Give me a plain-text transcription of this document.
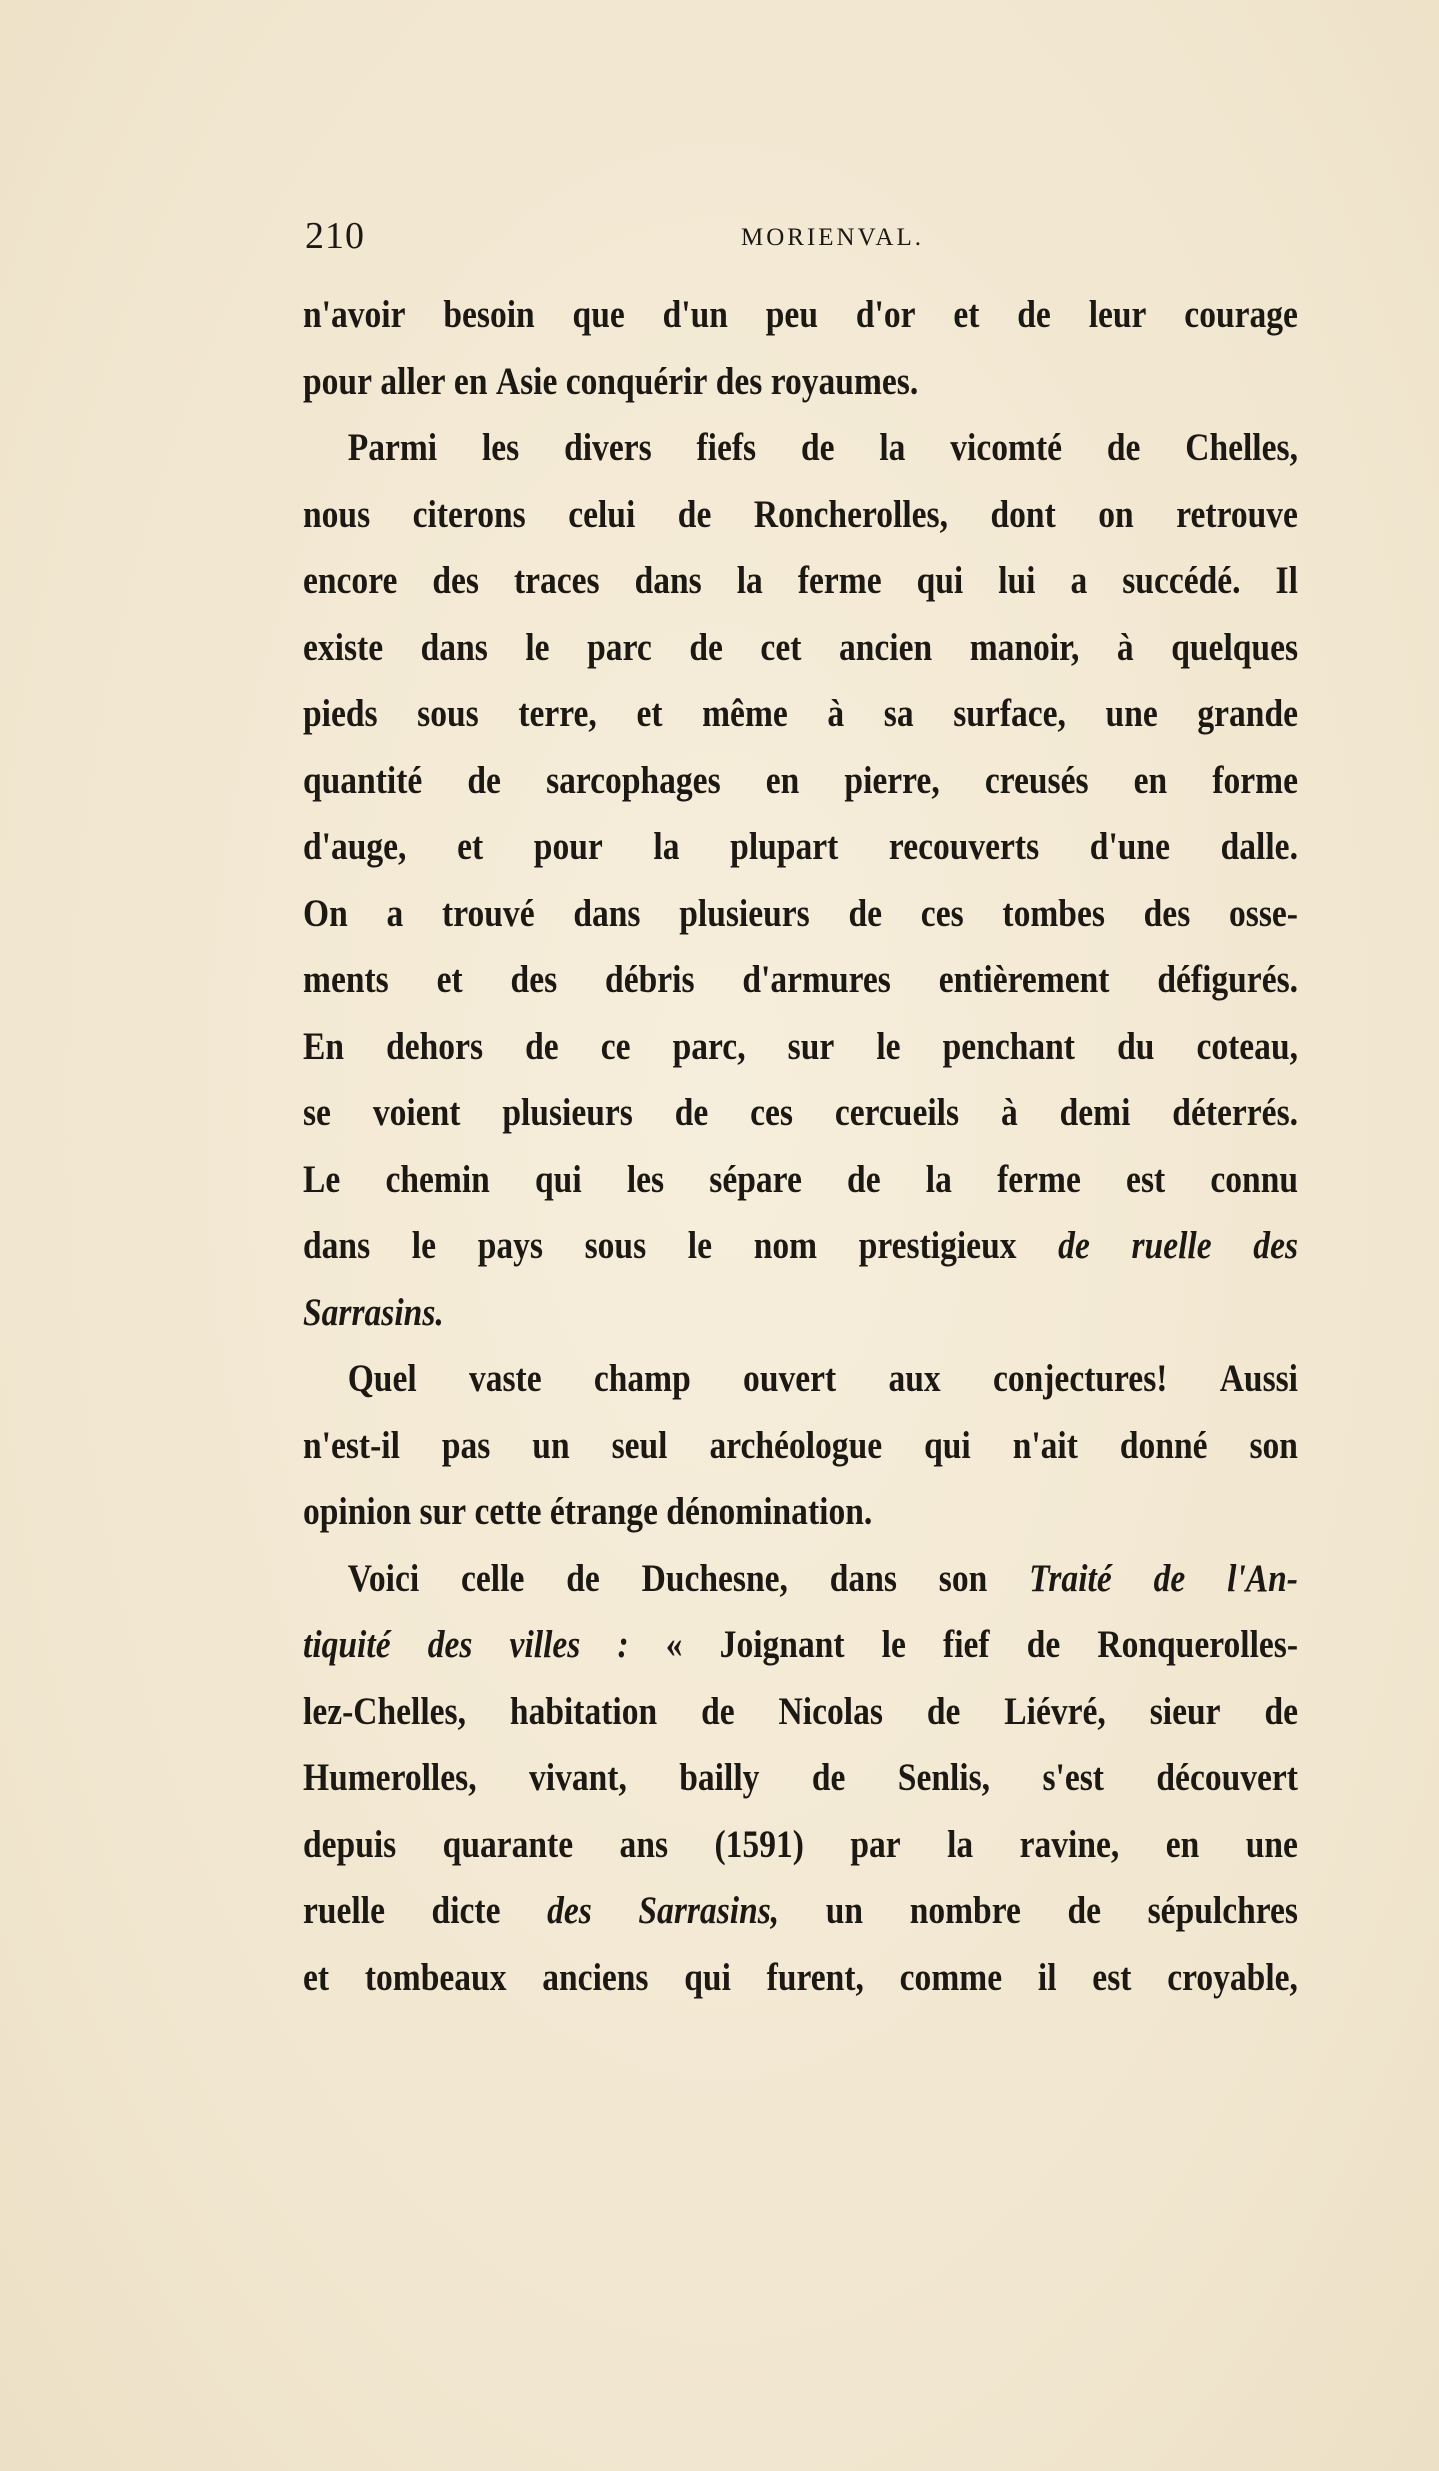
210	MORIENVAL.
n'avoir besoin que d'un peu d'or et de leur courage
pour aller en Asie conquérir des royaumes.
Parmi les divers fiefs de la vicomté de Chelles,
nous citerons celui de Roncherolles, dont on retrouve
encore des traces dans la ferme qui lui a succédé. Il
existe dans le parc de cet ancien manoir, à quelques
pieds sous terre, et même à sa surface, une grande
quantité de sarcophages en pierre, creusés en forme
d'auge, et pour la plupart recouverts d'une dalle.
On a trouvé dans plusieurs de ces tombes des osse-
ments et des débris d'armures entièrement défigurés.
En dehors de ce parc, sur le penchant du coteau,
se voient plusieurs de ces cercueils à demi déterrés.
Le chemin qui les sépare de la ferme est connu
dans le pays sous le nom prestigieux de ruelle des
Sarrasins.
Quel vaste champ ouvert aux conjectures! Aussi
n'est-il pas un seul archéologue qui n'ait donné son
opinion sur cette étrange dénomination.
Voici celle de Duchesne, dans son Traité de l'An-
tiquité des villes : « Joignant le fief de Ronquerolles-
lez-Chelles, habitation de Nicolas de Liévré, sieur de
Humerolles, vivant, bailly de Senlis, s'est découvert
depuis quarante ans (1591) par la ravine, en une
ruelle dicte des Sarrasins, un nombre de sépulchres
et tombeaux anciens qui furent, comme il est croyable,
